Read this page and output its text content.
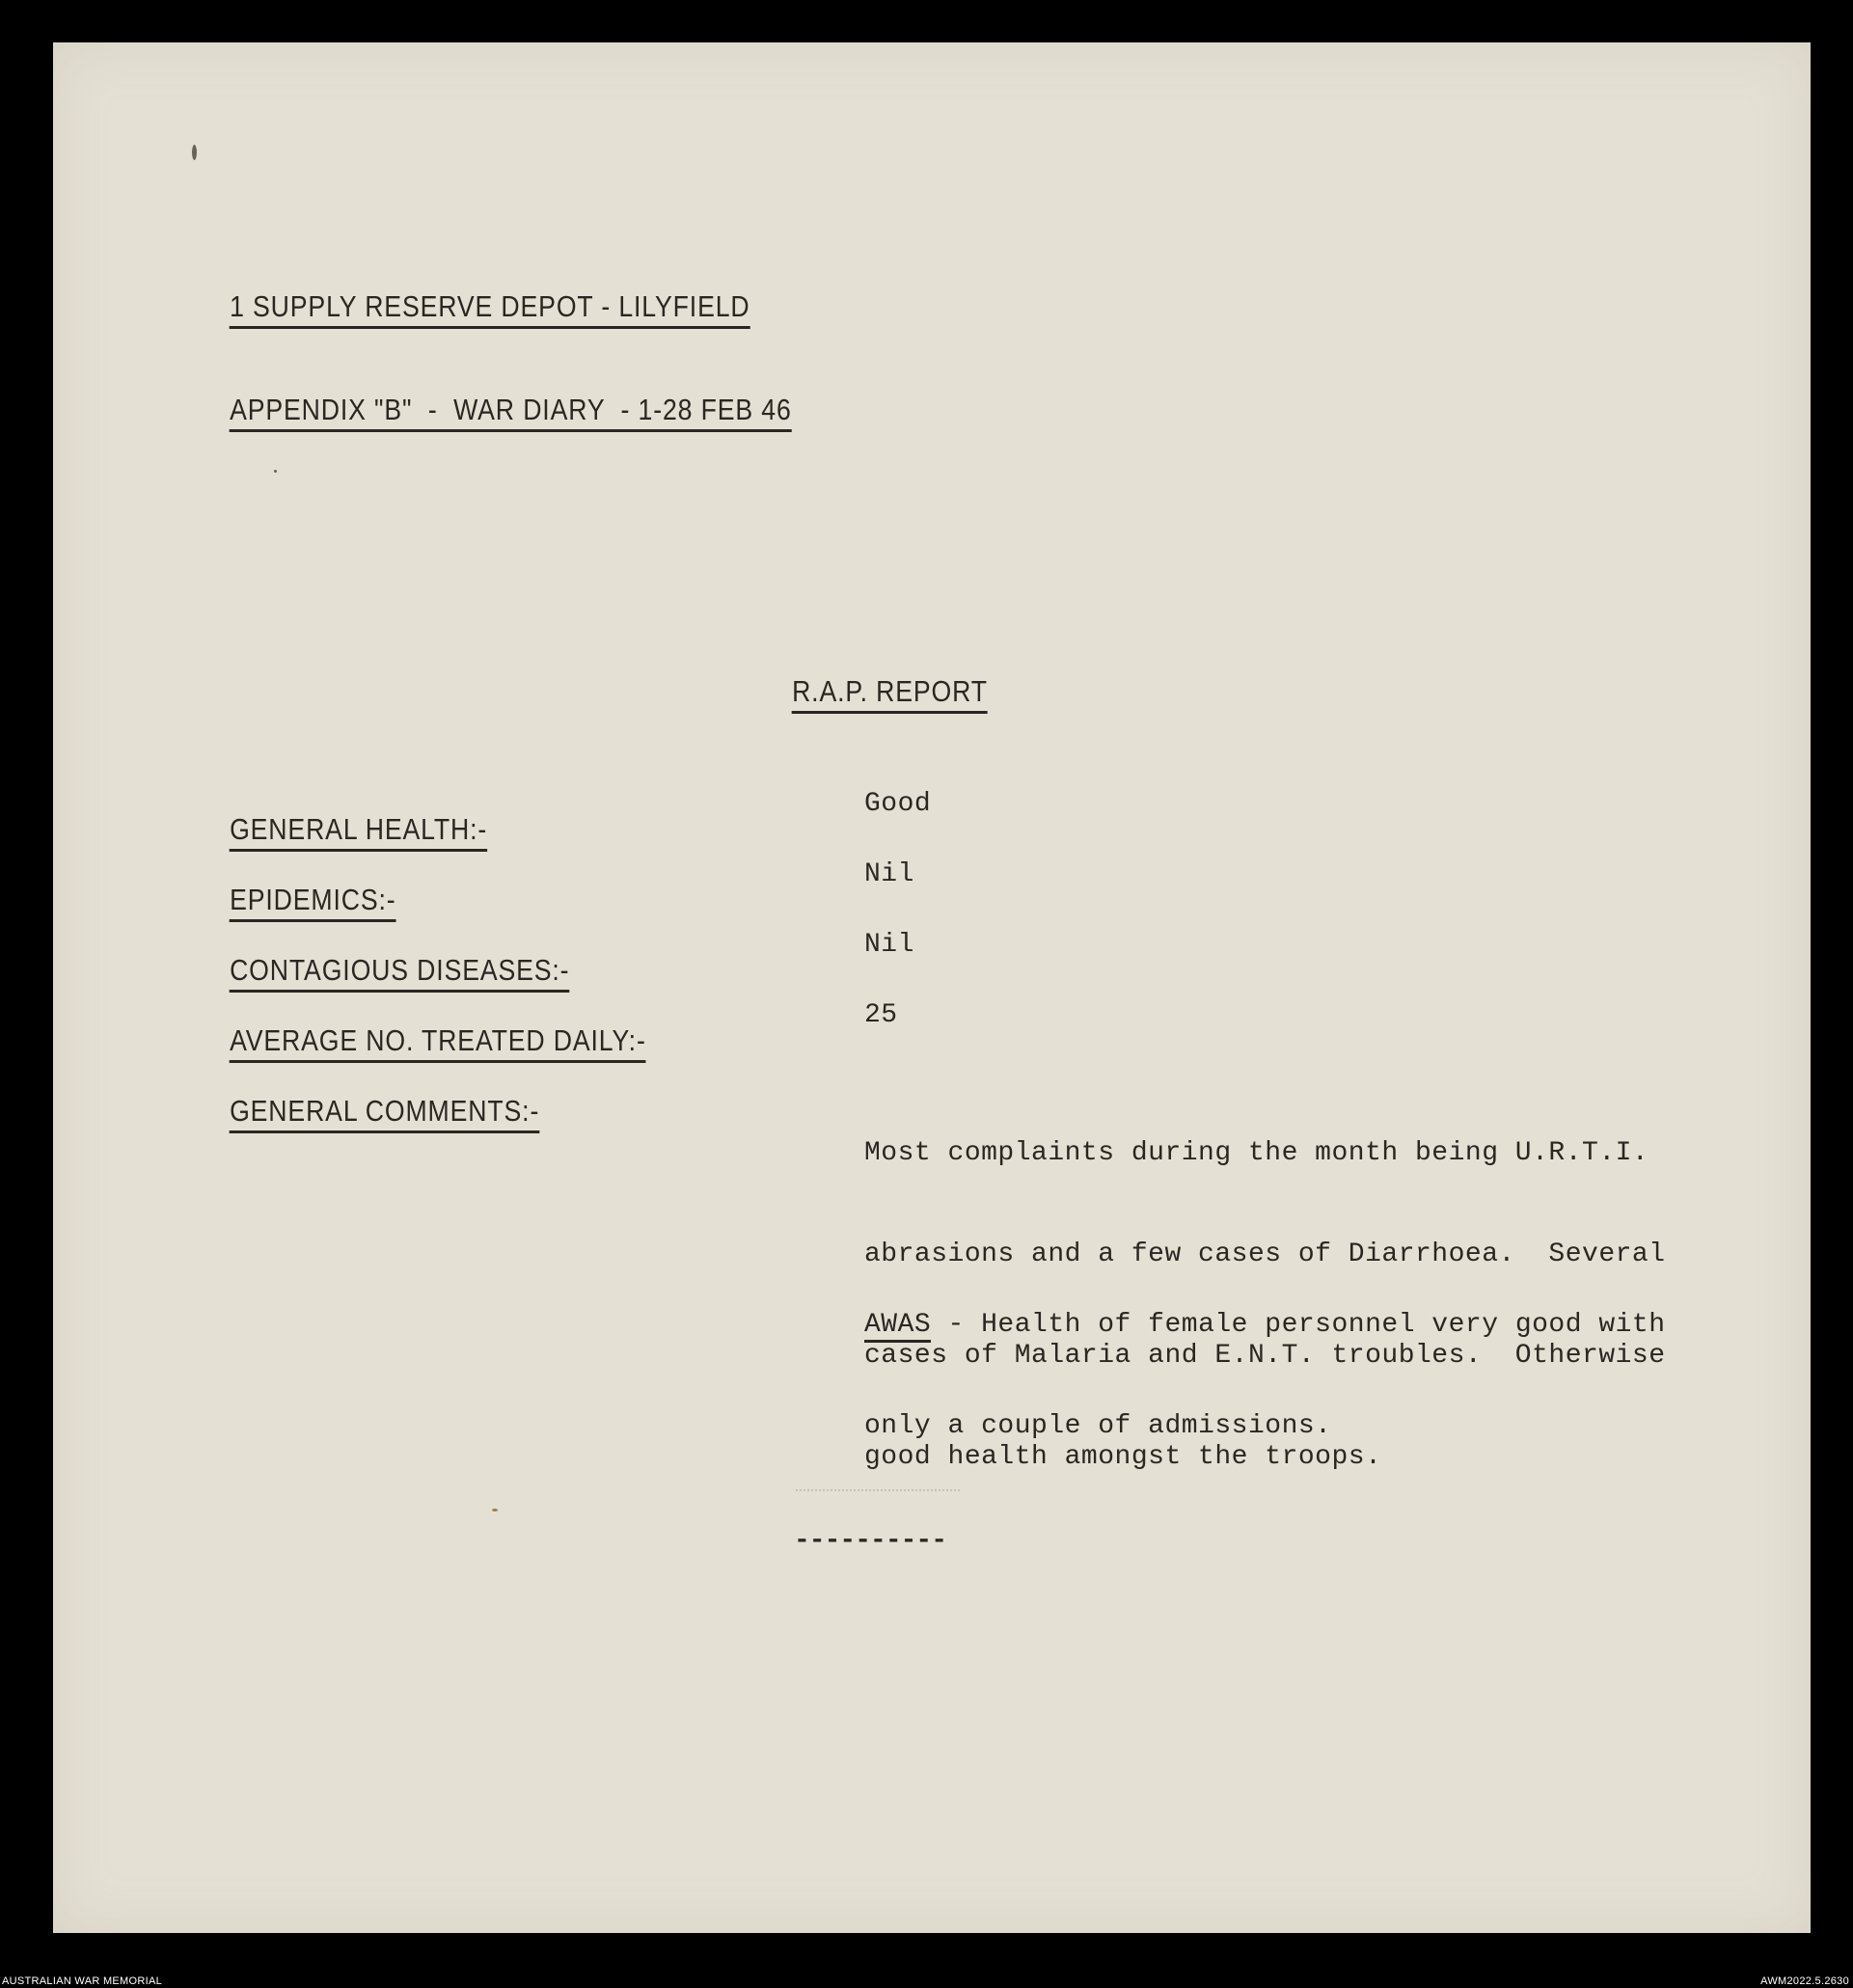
1 SUPPLY RESERVE DEPOT - LILYFIELD

APPENDIX "B"  -  WAR DIARY  - 1-28 FEB 46

R.A.P. REPORT

GENERAL HEALTH:-

EPIDEMICS:-

CONTAGIOUS DISEASES:-

AVERAGE NO. TREATED DAILY:-

GENERAL COMMENTS:-

Good
Nil
Nil
25

Most complaints during the month being U.R.T.I.

abrasions and a few cases of Diarrhoea.  Several

cases of Malaria and E.N.T. troubles.  Otherwise

good health amongst the troops.

AWAS - Health of female personnel very good with

only a couple of admissions.

----------
AUSTRALIAN WAR MEMORIAL	AWM2022.5.2630
